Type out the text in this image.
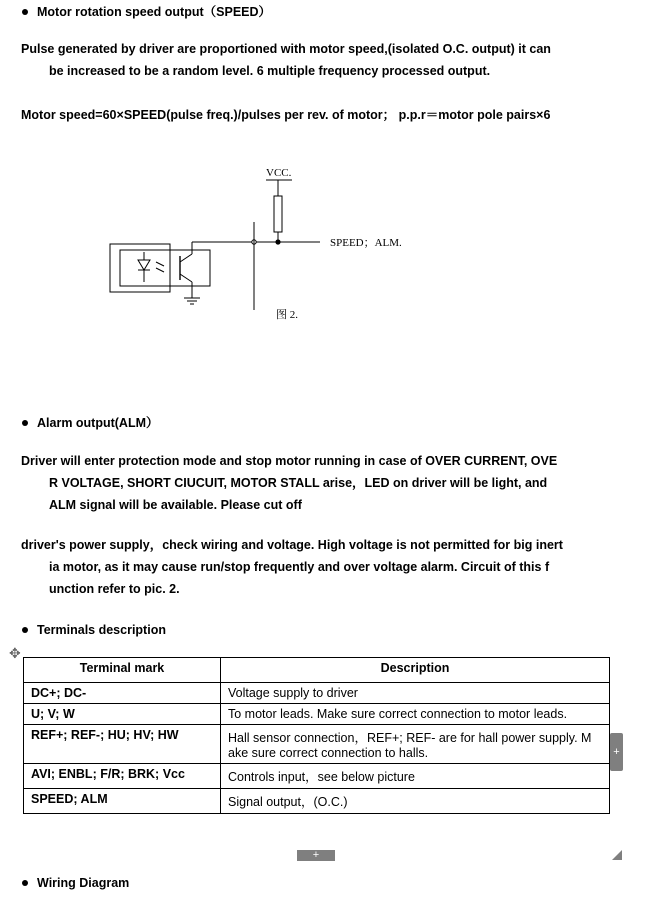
Motor rotation speed output（SPEED）
Pulse generated by driver are proportioned with motor speed,(isolated O.C. output) it can
be increased to be a random level. 6 multiple frequency processed output.
Motor speed=60×SPEED(pulse freq.)/pulses per rev. of motor； p.p.r＝motor pole pairs×6
VCC.
SPEED；ALM.
图 2.
Alarm output(ALM）
Driver will enter protection mode and stop motor running in case of OVER CURRENT, OVE
R VOLTAGE, SHORT CIUCUIT, MOTOR STALL arise，LED on driver will be light, and
ALM signal will be available. Please cut off
driver's power supply，check wiring and voltage. High voltage is not permitted for big inert
ia motor, as it may cause run/stop frequently and over voltage alarm. Circuit of this f
unction refer to pic. 2.
Terminals description
✥
Terminal mark	Description
DC+; DC-	Voltage supply to driver
U; V; W	To motor leads. Make sure correct connection to motor leads.
REF+; REF-; HU; HV; HW	Hall sensor connection，REF+; REF- are for hall power supply. M
ake sure correct connection to halls.

AVI; ENBL; F/R; BRK; Vcc	Controls input，see below picture
SPEED; ALM	Signal output，(O.C.)
+
+
Wiring Diagram
